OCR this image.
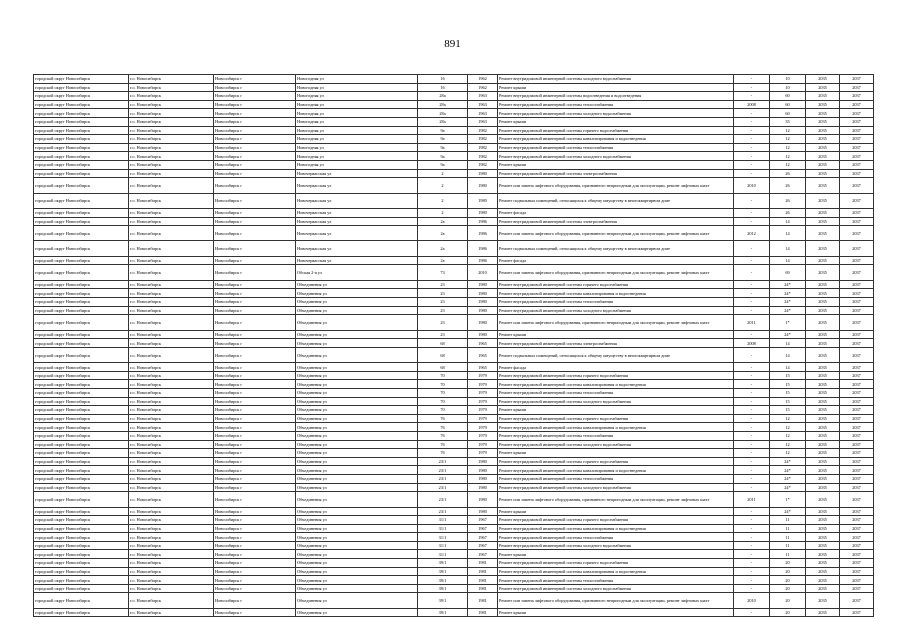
891
городской округ Новосибирск	г.о. Новосибирск	Новосибирск г	Новогодняя ул	16	1962	Ремонт внутридомовой инженерной системы холодного водоснабжения	-	10	2035	2037
городской округ Новосибирск	г.о. Новосибирск	Новосибирск г	Новогодняя ул	16	1962	Ремонт крыши	-	10	2035	2037
городской округ Новосибирск	г.о. Новосибирск	Новосибирск г	Новогодняя ул	28а	1963	Ремонт внутридомовой инженерной системы водоотведения и водоотведения	-	60	2035	2037
городской округ Новосибирск	г.о. Новосибирск	Новосибирск г	Новогодняя ул	28а	1963	Ремонт внутридомовой инженерной системы теплоснабжения	2008	60	2035	2037
городской округ Новосибирск	г.о. Новосибирск	Новосибирск г	Новогодняя ул	28а	1963	Ремонт внутридомовой инженерной системы холодного водоснабжения	-	60	2035	2037
городской округ Новосибирск	г.о. Новосибирск	Новосибирск г	Новогодняя ул	28а	1963	Ремонт крыши	-	35	2035	2037
городской округ Новосибирск	г.о. Новосибирск	Новосибирск г	Новогодняя ул	9а	1982	Ремонт внутридомовой инженерной системы горячего водоснабжения	-	12	2035	2037
городской округ Новосибирск	г.о. Новосибирск	Новосибирск г	Новогодняя ул	9а	1982	Ремонт внутридомовой инженерной системы канализирования и водоотведения	-	12	2035	2037
городской округ Новосибирск	г.о. Новосибирск	Новосибирск г	Новогодняя ул	9а	1982	Ремонт внутридомовой инженерной системы теплоснабжения	-	12	2035	2037
городской округ Новосибирск	г.о. Новосибирск	Новосибирск г	Новогодняя ул	9а	1982	Ремонт внутридомовой инженерной системы холодного водоснабжения	-	12	2035	2037
городской округ Новосибирск	г.о. Новосибирск	Новосибирск г	Новогодняя ул	9а	1982	Ремонт крыши	-	12	2035	2037
городской округ Новосибирск	г.о. Новосибирск	Новосибирск г	Новочеркасская ул	2	1980	Ремонт внутридомовой инженерной системы электроснабжения	-	26	2035	2037
городской округ Новосибирск	г.о. Новосибирск	Новосибирск г	Новочеркасская ул	2	1980	Ремонт или замена лифтового оборудования, признанного непригодным для эксплуатации, ремонт лифтовых шахт	2010	26	2035	2037
городской округ Новосибирск	г.о. Новосибирск	Новосибирск г	Новочеркасская ул	2	1980	Ремонт подвальных помещений, относящихся к общему имуществу в многоквартирном доме	-	26	2035	2037
городской округ Новосибирск	г.о. Новосибирск	Новосибирск г	Новочеркасская ул	2	1980	Ремонт фасада	-	26	2035	2037
городской округ Новосибирск	г.о. Новосибирск	Новосибирск г	Новочеркасская ул	2а	1986	Ремонт внутридомовой инженерной системы электроснабжения	-	14	2035	2037
городской округ Новосибирск	г.о. Новосибирск	Новосибирск г	Новочеркасская ул	2а	1986	Ремонт или замена лифтового оборудования, признанного непригодным для эксплуатации, ремонт лифтовых шахт	2012	14	2035	2037
городской округ Новосибирск	г.о. Новосибирск	Новосибирск г	Новочеркасская ул	2а	1986	Ремонт подвальных помещений, относящихся к общему имуществу в многоквартирном доме	-	14	2035	2037
городской округ Новосибирск	г.о. Новосибирск	Новосибирск г	Новочеркасская ул	2а	1986	Ремонт фасада	-	14	2035	2037
городской округ Новосибирск	г.о. Новосибирск	Новосибирск г	Обская 2-я ул	73	2010	Ремонт или замена лифтового оборудования, признанного непригодным для эксплуатации, ремонт лифтовых шахт	-	69	2035	2037
городской округ Новосибирск	г.о. Новосибирск	Новосибирск г	Объединения ул	23	1980	Ремонт внутридомовой инженерной системы горячего водоснабжения	-	24*	2035	2037
городской округ Новосибирск	г.о. Новосибирск	Новосибирск г	Объединения ул	23	1980	Ремонт внутридомовой инженерной системы канализирования и водоотведения	-	24*	2035	2037
городской округ Новосибирск	г.о. Новосибирск	Новосибирск г	Объединения ул	23	1980	Ремонт внутридомовой инженерной системы теплоснабжения	-	24*	2035	2037
городской округ Новосибирск	г.о. Новосибирск	Новосибирск г	Объединения ул	23	1980	Ремонт внутридомовой инженерной системы холодного водоснабжения	-	24*	2035	2037
городской округ Новосибирск	г.о. Новосибирск	Новосибирск г	Объединения ул	23	1980	Ремонт или замена лифтового оборудования, признанного непригодным для эксплуатации, ремонт лифтовых шахт	2011	1*	2035	2037
городской округ Новосибирск	г.о. Новосибирск	Новосибирск г	Объединения ул	23	1980	Ремонт крыши	-	24*	2035	2037
городской округ Новосибирск	г.о. Новосибирск	Новосибирск г	Объединения ул	68	1965	Ремонт внутридомовой инженерной системы электроснабжения	2008	14	2035	2037
городской округ Новосибирск	г.о. Новосибирск	Новосибирск г	Объединения ул	68	1965	Ремонт подвальных помещений, относящихся к общему имуществу в многоквартирном доме	-	14	2035	2037
городской округ Новосибирск	г.о. Новосибирск	Новосибирск г	Объединения ул	68	1965	Ремонт фасада	-	14	2035	2037
городской округ Новосибирск	г.о. Новосибирск	Новосибирск г	Объединения ул	70	1979	Ремонт внутридомовой инженерной системы горячего водоснабжения	-	15	2035	2037
городской округ Новосибирск	г.о. Новосибирск	Новосибирск г	Объединения ул	70	1979	Ремонт внутридомовой инженерной системы канализирования и водоотведения	-	15	2035	2037
городской округ Новосибирск	г.о. Новосибирск	Новосибирск г	Объединения ул	70	1979	Ремонт внутридомовой инженерной системы теплоснабжения	-	15	2035	2037
городской округ Новосибирск	г.о. Новосибирск	Новосибирск г	Объединения ул	70	1979	Ремонт внутридомовой инженерной системы холодного водоснабжения	-	15	2035	2037
городской округ Новосибирск	г.о. Новосибирск	Новосибирск г	Объединения ул	70	1979	Ремонт крыши	-	15	2035	2037
городской округ Новосибирск	г.о. Новосибирск	Новосибирск г	Объединения ул	76	1979	Ремонт внутридомовой инженерной системы горячего водоснабжения	-	12	2035	2037
городской округ Новосибирск	г.о. Новосибирск	Новосибирск г	Объединения ул	76	1979	Ремонт внутридомовой инженерной системы канализирования и водоотведения	-	12	2035	2037
городской округ Новосибирск	г.о. Новосибирск	Новосибирск г	Объединения ул	76	1979	Ремонт внутридомовой инженерной системы теплоснабжения	-	12	2035	2037
городской округ Новосибирск	г.о. Новосибирск	Новосибирск г	Объединения ул	76	1979	Ремонт внутридомовой инженерной системы холодного водоснабжения	-	12	2035	2037
городской округ Новосибирск	г.о. Новосибирск	Новосибирск г	Объединения ул	76	1979	Ремонт крыши	-	12	2035	2037
городской округ Новосибирск	г.о. Новосибирск	Новосибирск г	Объединения ул	23/1	1980	Ремонт внутридомовой инженерной системы горячего водоснабжения	-	24*	2035	2037
городской округ Новосибирск	г.о. Новосибирск	Новосибирск г	Объединения ул	23/1	1980	Ремонт внутридомовой инженерной системы канализирования и водоотведения	-	24*	2035	2037
городской округ Новосибирск	г.о. Новосибирск	Новосибирск г	Объединения ул	23/1	1980	Ремонт внутридомовой инженерной системы теплоснабжения	-	24*	2035	2037
городской округ Новосибирск	г.о. Новосибирск	Новосибирск г	Объединения ул	23/1	1980	Ремонт внутридомовой инженерной системы холодного водоснабжения	-	24*	2035	2037
городской округ Новосибирск	г.о. Новосибирск	Новосибирск г	Объединения ул	23/1	1980	Ремонт или замена лифтового оборудования, признанного непригодным для эксплуатации, ремонт лифтовых шахт	2011	1*	2035	2037
городской округ Новосибирск	г.о. Новосибирск	Новосибирск г	Объединения ул	23/1	1980	Ремонт крыши	-	24*	2035	2037
городской округ Новосибирск	г.о. Новосибирск	Новосибирск г	Объединения ул	31/1	1967	Ремонт внутридомовой инженерной системы горячего водоснабжения	-	11	2035	2037
городской округ Новосибирск	г.о. Новосибирск	Новосибирск г	Объединения ул	31/1	1967	Ремонт внутридомовой инженерной системы канализирования и водоотведения	-	11	2035	2037
городской округ Новосибирск	г.о. Новосибирск	Новосибирск г	Объединения ул	31/1	1967	Ремонт внутридомовой инженерной системы теплоснабжения	-	11	2035	2037
городской округ Новосибирск	г.о. Новосибирск	Новосибирск г	Объединения ул	31/1	1967	Ремонт внутридомовой инженерной системы холодного водоснабжения	-	11	2035	2037
городской округ Новосибирск	г.о. Новосибирск	Новосибирск г	Объединения ул	31/1	1967	Ремонт крыши	-	11	2035	2037
городской округ Новосибирск	г.о. Новосибирск	Новосибирск г	Объединения ул	39/1	1981	Ремонт внутридомовой инженерной системы горячего водоснабжения	-	20	2035	2037
городской округ Новосибирск	г.о. Новосибирск	Новосибирск г	Объединения ул	39/1	1981	Ремонт внутридомовой инженерной системы канализирования и водоотведения	-	20	2035	2037
городской округ Новосибирск	г.о. Новосибирск	Новосибирск г	Объединения ул	39/1	1981	Ремонт внутридомовой инженерной системы теплоснабжения	-	20	2035	2037
городской округ Новосибирск	г.о. Новосибирск	Новосибирск г	Объединения ул	39/1	1981	Ремонт внутридомовой инженерной системы холодного водоснабжения	-	20	2035	2037
городской округ Новосибирск	г.о. Новосибирск	Новосибирск г	Объединения ул	39/1	1981	Ремонт или замена лифтового оборудования, признанного непригодным для эксплуатации, ремонт лифтовых шахт	2010	20	2035	2037
городской округ Новосибирск	г.о. Новосибирск	Новосибирск г	Объединения ул	39/1	1981	Ремонт крыши	-	20	2035	2037
